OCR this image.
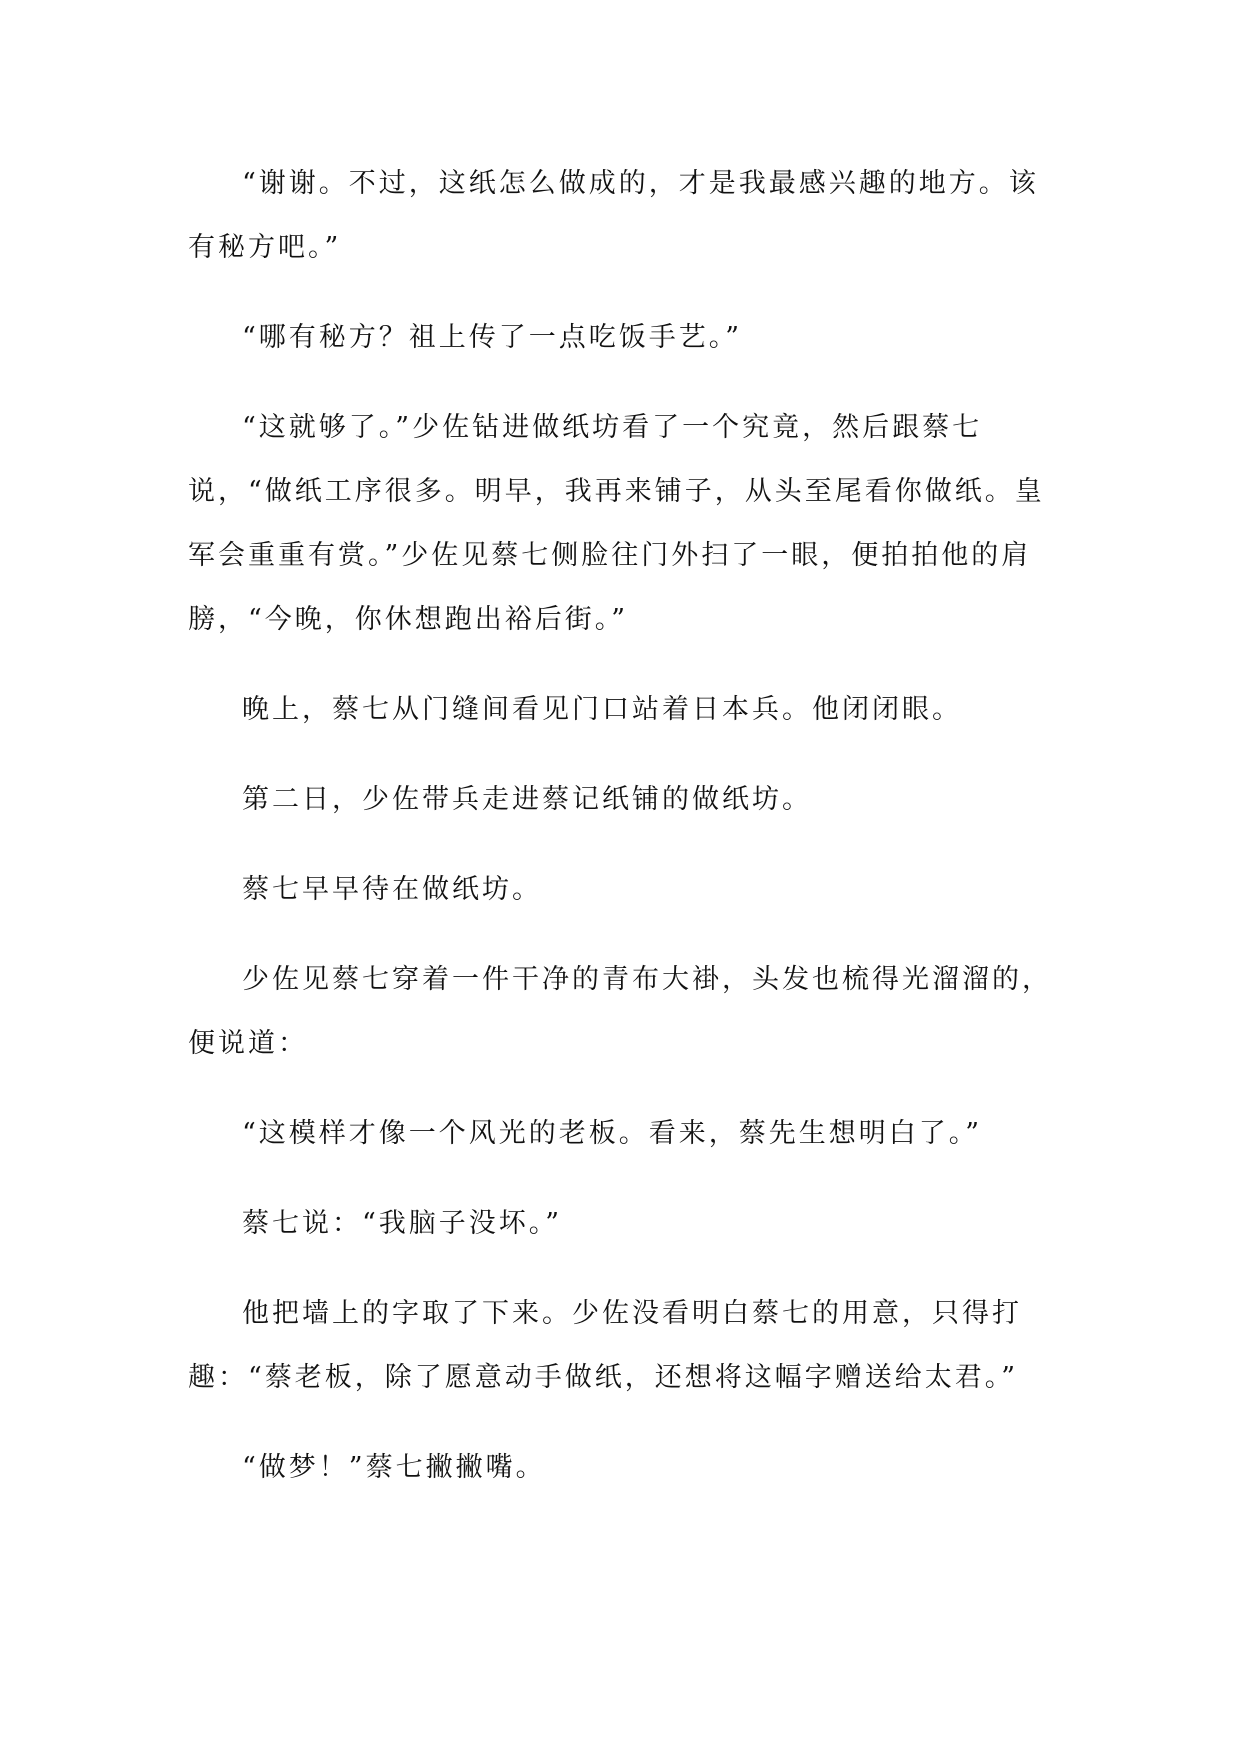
“谢谢。不过，这纸怎么做成的，才是我最感兴趣的地方。该有秘方吧。”

“哪有秘方？祖上传了一点吃饭手艺。”

“这就够了。”少佐钻进做纸坊看了一个究竟，然后跟蔡七说，“做纸工序很多。明早，我再来铺子，从头至尾看你做纸。皇军会重重有赏。”少佐见蔡七侧脸往门外扫了一眼，便拍拍他的肩膀，“今晚，你休想跑出裕后街。”

晚上，蔡七从门缝间看见门口站着日本兵。他闭闭眼。

第二日，少佐带兵走进蔡记纸铺的做纸坊。

蔡七早早待在做纸坊。

少佐见蔡七穿着一件干净的青布大褂，头发也梳得光溜溜的，便说道：

“这模样才像一个风光的老板。看来，蔡先生想明白了。”

蔡七说：“我脑子没坏。”

他把墙上的字取了下来。少佐没看明白蔡七的用意，只得打趣：“蔡老板，除了愿意动手做纸，还想将这幅字赠送给太君。”

“做梦！”蔡七撇撇嘴。
